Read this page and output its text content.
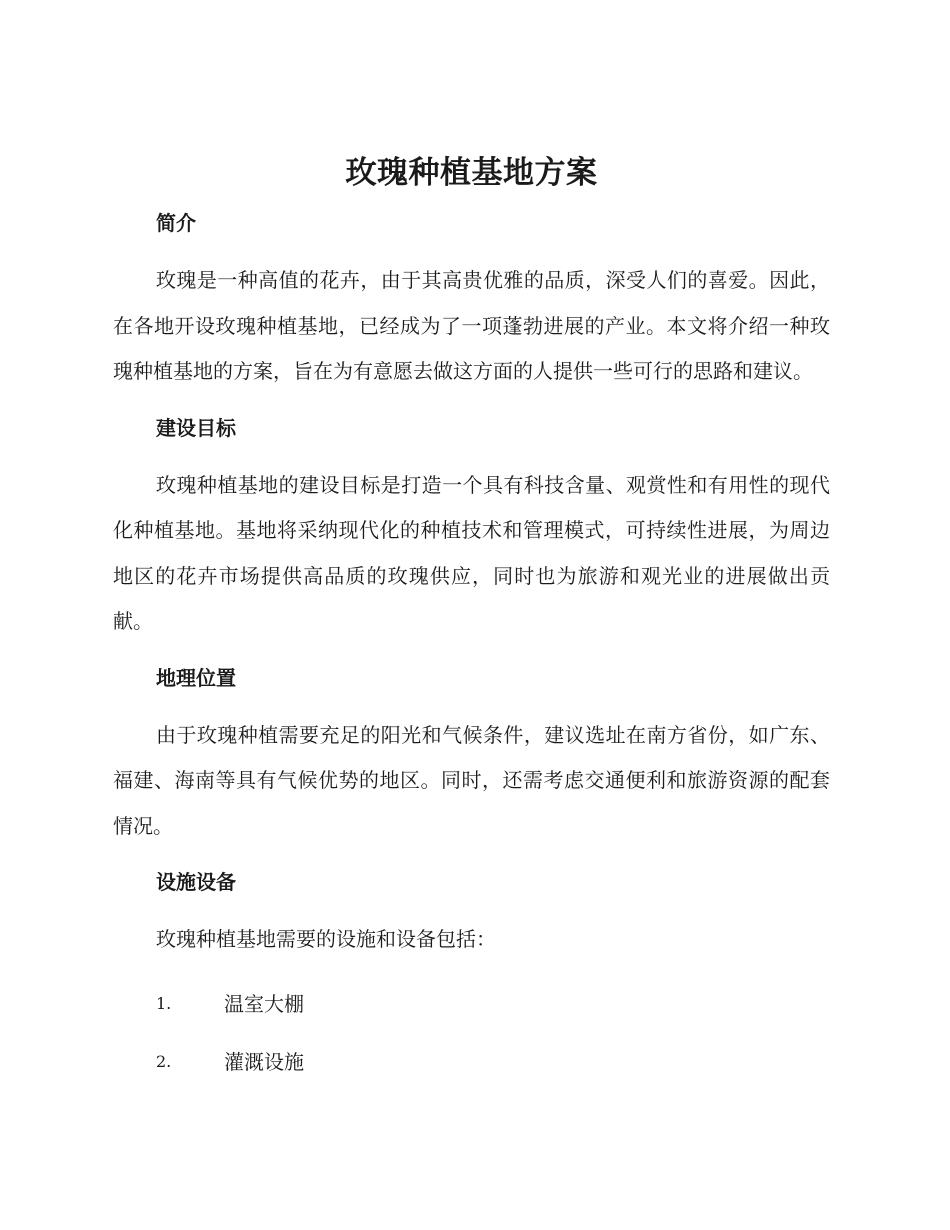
玫瑰种植基地方案
简介

玫瑰是一种高值的花卉，由于其高贵优雅的品质，深受人们的喜爱。因此，在各地开设玫瑰种植基地，已经成为了一项蓬勃进展的产业。本文将介绍一种玫瑰种植基地的方案，旨在为有意愿去做这方面的人提供一些可行的思路和建议。

建设目标

玫瑰种植基地的建设目标是打造一个具有科技含量、观赏性和有用性的现代化种植基地。基地将采纳现代化的种植技术和管理模式，可持续性进展，为周边地区的花卉市场提供高品质的玫瑰供应，同时也为旅游和观光业的进展做出贡献。

地理位置

由于玫瑰种植需要充足的阳光和气候条件，建议选址在南方省份，如广东、福建、海南等具有气候优势的地区。同时，还需考虑交通便利和旅游资源的配套情况。

设施设备

玫瑰种植基地需要的设施和设备包括：

1.	温室大棚
2.	灌溉设施
